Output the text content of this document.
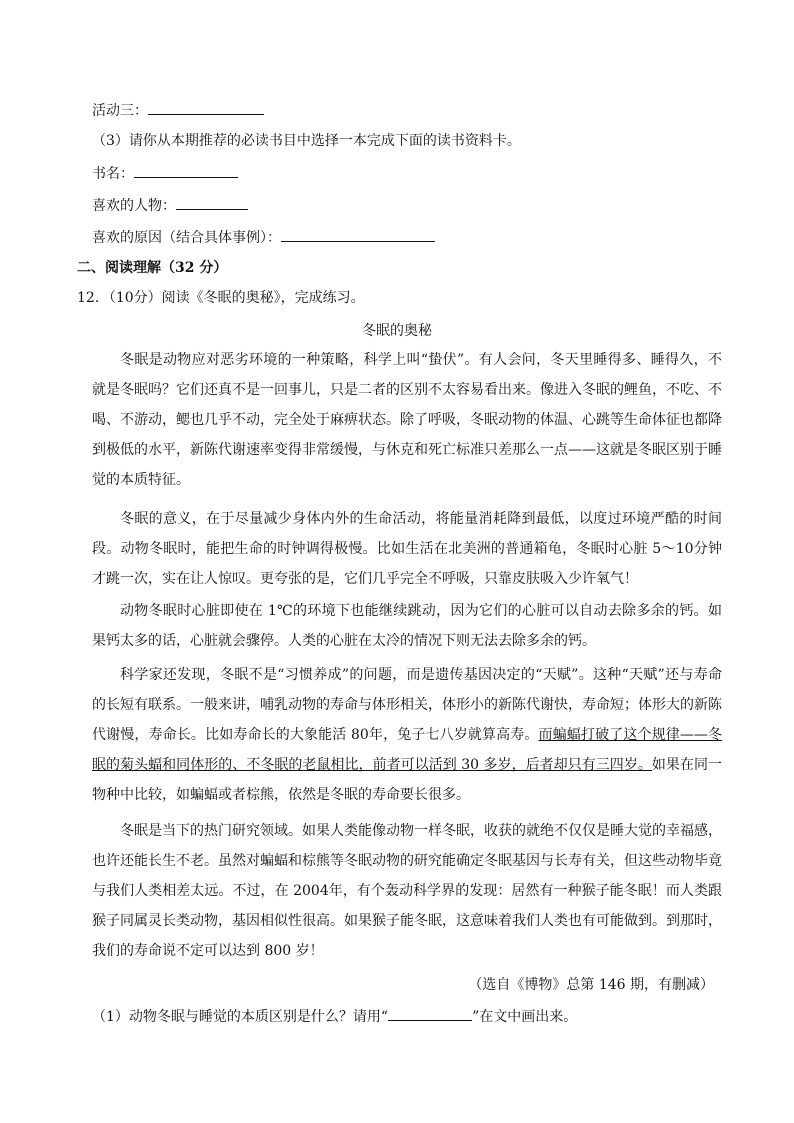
活动三：
（3）请你从本期推荐的必读书目中选择一本完成下面的读书资料卡。
书名：
喜欢的人物：
喜欢的原因（结合具体事例）：
二、阅读理解（32 分）
12．（10分）阅读《冬眠的奥秘》，完成练习。
冬眠的奥秘
冬眠是动物应对恶劣环境的一种策略，科学上叫“蛰伏”。有人会问，冬天里睡得多、睡得久，不就是冬眠吗？它们还真不是一回事儿，只是二者的区别不太容易看出来。像进入冬眠的鲤鱼，不吃、不喝、不游动，鳃也几乎不动，完全处于麻痹状态。除了呼吸，冬眠动物的体温、心跳等生命体征也都降到极低的水平，新陈代谢速率变得非常缓慢，与休克和死亡标准只差那么一点——这就是冬眠区别于睡觉的本质特征。
冬眠的意义，在于尽量减少身体内外的生命活动，将能量消耗降到最低，以度过环境严酷的时间段。动物冬眠时，能把生命的时钟调得极慢。比如生活在北美洲的普通箱龟，冬眠时心脏 5～10分钟才跳一次，实在让人惊叹。更夸张的是，它们几乎完全不呼吸，只靠皮肤吸入少许氧气！
动物冬眠时心脏即使在 1℃的环境下也能继续跳动，因为它们的心脏可以自动去除多余的钙。如果钙太多的话，心脏就会骤停。人类的心脏在太冷的情况下则无法去除多余的钙。
科学家还发现，冬眠不是“习惯养成”的问题，而是遗传基因决定的“天赋”。这种“天赋”还与寿命的长短有联系。一般来讲，哺乳动物的寿命与体形相关，体形小的新陈代谢快，寿命短；体形大的新陈代谢慢，寿命长。比如寿命长的大象能活 80年，兔子七八岁就算高寿。而蝙蝠打破了这个规律——冬眠的菊头蝠和同体形的、不冬眠的老鼠相比，前者可以活到 30 多岁，后者却只有三四岁。如果在同一物种中比较，如蝙蝠或者棕熊，依然是冬眠的寿命要长很多。
冬眠是当下的热门研究领域。如果人类能像动物一样冬眠，收获的就绝不仅仅是睡大觉的幸福感，也许还能长生不老。虽然对蝙蝠和棕熊等冬眠动物的研究能确定冬眠基因与长寿有关，但这些动物毕竟与我们人类相差太远。不过，在 2004年，有个轰动科学界的发现：居然有一种猴子能冬眠！而人类跟猴子同属灵长类动物，基因相似性很高。如果猴子能冬眠，这意味着我们人类也有可能做到。到那时，我们的寿命说不定可以达到 800 岁！
（选自《博物》总第 146 期，有删减）
（1）动物冬眠与睡觉的本质区别是什么？请用“	”在文中画出来。
